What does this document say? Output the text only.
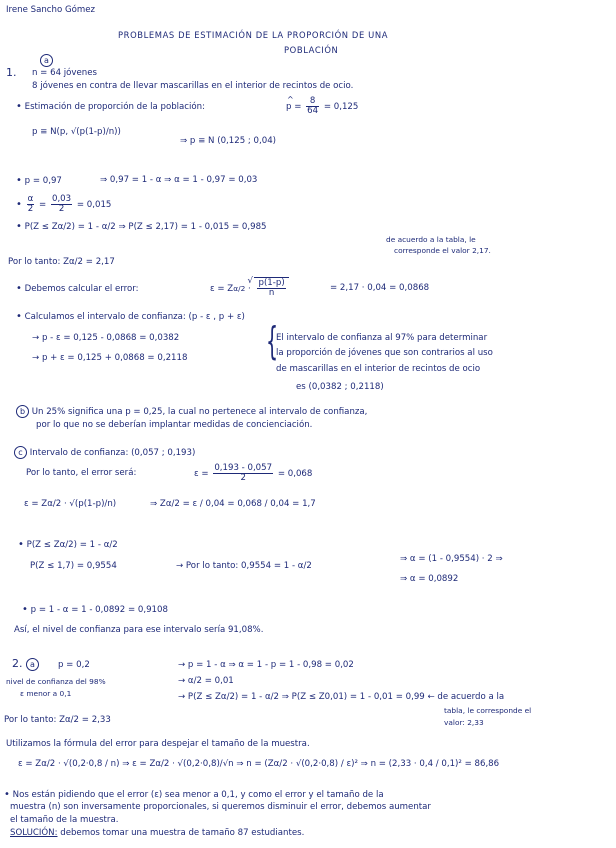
Irene Sancho Gómez
PROBLEMAS DE ESTIMACIÓN DE LA PROPORCIÓN DE UNA
POBLACIÓN
a
1. n = 64 jóvenes
8 jóvenes en contra de llevar mascarillas en el interior de recintos de ocio.
• Estimación de proporción de la población:	^ $p = \frac{8}{64} = 0,125$
p ≡ N(p, √(p(1-p)/n))
⇒ p ≡ N (0,125 ; 0,04)
• p = 0,97	⇒ 0,97 = 1 - α ⇒ α = 1 - 0,97 = 0,03
• $\frac{\alpha}{2} = \frac{0,03}{2} = 0,015$
• P(Z ≤ Zα/2) = 1 - α/2 ⇒ P(Z ≤ 2,17) = 1 - 0,015 = 0,985
de acuerdo a la tabla, le
corresponde el valor 2,17.
Por lo tanto: Zα/2 = 2,17
• Debemos calcular el error:	ε = Zα/2 · √ $\frac{p(1-p)}{n}$	= 2,17 · 0,04 = 0,0868
• Calculamos el intervalo de confianza: (p - ε , p + ε)
→ p - ε = 0,125 - 0,0868 = 0,0382
→ p + ε = 0,125 + 0,0868 = 0,2118 {
El intervalo de confianza al 97% para determinar
la proporción de jóvenes que son contrarios al uso
de mascarillas en el interior de recintos de ocio
es (0,0382 ; 0,2118)
b Un 25% significa una p = 0,25, la cual no pertenece al intervalo de confianza,
por lo que no se deberían implantar medidas de concienciación.
c Intervalo de confianza: (0,057 ; 0,193)
Por lo tanto, el error será:	$\varepsilon = \frac{0,193 - 0,057}{2} = 0,068$
ε = Zα/2 · √(p(1-p)/n)	⇒ Zα/2 = ε / 0,04 = 0,068 / 0,04 = 1,7
• P(Z ≤ Zα/2) = 1 - α/2
P(Z ≤ 1,7) = 0,9554	→ Por lo tanto: 0,9554 = 1 - α/2
⇒ α = (1 - 0,9554) · 2 ⇒
⇒ α = 0,0892
• p = 1 - α = 1 - 0,0892 = 0,9108
Así, el nivel de confianza para ese intervalo sería 91,08%.
2. a	p = 0,2
nivel de confianza del 98%
ε menor a 0,1
→ p = 1 - α ⇒ α = 1 - p = 1 - 0,98 = 0,02
→ α/2 = 0,01
→ P(Z ≤ Zα/2) = 1 - α/2 ⇒ P(Z ≤ Z0,01) = 1 - 0,01 = 0,99 ← de acuerdo a la
tabla, le corresponde el
valor: 2,33
Por lo tanto: Zα/2 = 2,33
Utilizamos la fórmula del error para despejar el tamaño de la muestra.
ε = Zα/2 · √(0,2·0,8 / n) ⇒ ε = Zα/2 · √(0,2·0,8)/√n ⇒ n = (Zα/2 · √(0,2·0,8) / ε)² ⇒ n = (2,33 · 0,4 / 0,1)² = 86,86
• Nos están pidiendo que el error (ε) sea menor a 0,1, y como el error y el tamaño de la
muestra (n) son inversamente proporcionales, si queremos disminuir el error, debemos aumentar
el tamaño de la muestra.
SOLUCIÓN: debemos tomar una muestra de tamaño 87 estudiantes.
